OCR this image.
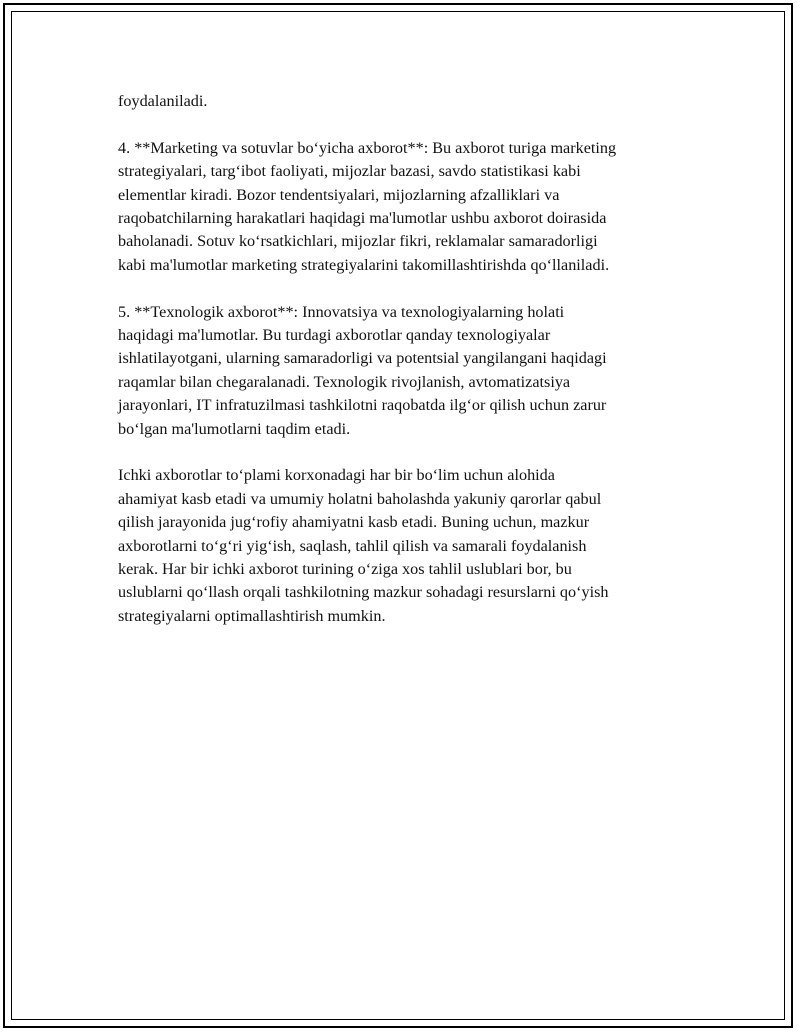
foydalaniladi.
4. **Marketing va sotuvlar bo‘yicha axborot**: Bu axborot turiga marketing
strategiyalari, targ‘ibot faoliyati, mijozlar bazasi, savdo statistikasi kabi
elementlar kiradi. Bozor tendentsiyalari, mijozlarning afzalliklari va
raqobatchilarning harakatlari haqidagi ma'lumotlar ushbu axborot doirasida
baholanadi. Sotuv ko‘rsatkichlari, mijozlar fikri, reklamalar samaradorligi
kabi ma'lumotlar marketing strategiyalarini takomillashtirishda qo‘llaniladi.
5. **Texnologik axborot**: Innovatsiya va texnologiyalarning holati
haqidagi ma'lumotlar. Bu turdagi axborotlar qanday texnologiyalar
ishlatilayotgani, ularning samaradorligi va potentsial yangilangani haqidagi
raqamlar bilan chegaralanadi. Texnologik rivojlanish, avtomatizatsiya
jarayonlari, IT infratuzilmasi tashkilotni raqobatda ilg‘or qilish uchun zarur
bo‘lgan ma'lumotlarni taqdim etadi.
Ichki axborotlar to‘plami korxonadagi har bir bo‘lim uchun alohida
ahamiyat kasb etadi va umumiy holatni baholashda yakuniy qarorlar qabul
qilish jarayonida jug‘rofiy ahamiyatni kasb etadi. Buning uchun, mazkur
axborotlarni to‘g‘ri yig‘ish, saqlash, tahlil qilish va samarali foydalanish
kerak. Har bir ichki axborot turining o‘ziga xos tahlil uslublari bor, bu
uslublarni qo‘llash orqali tashkilotning mazkur sohadagi resurslarni qo‘yish
strategiyalarni optimallashtirish mumkin.
